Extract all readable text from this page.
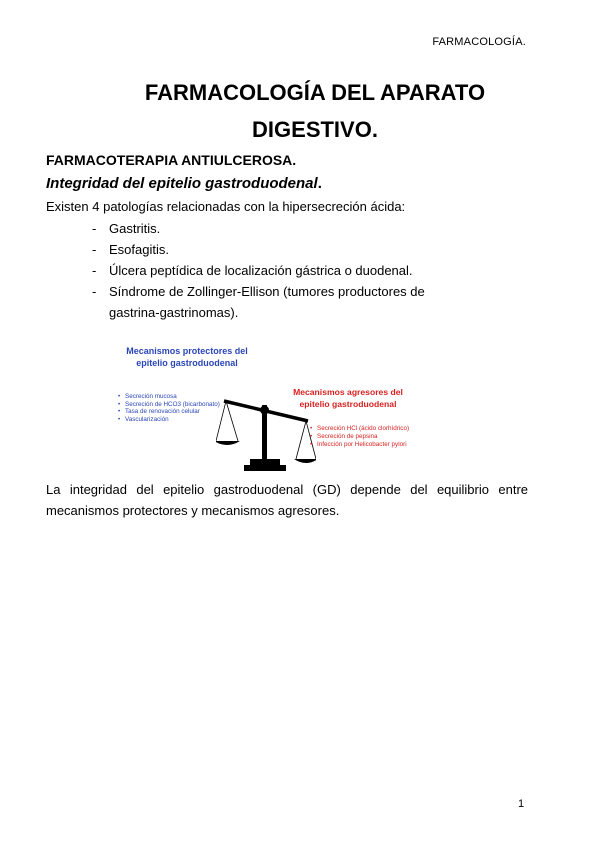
FARMACOLOGÍA.
FARMACOLOGÍA DEL APARATO
DIGESTIVO.
FARMACOTERAPIA ANTIULCEROSA.
Integridad del epitelio gastroduodenal.
Existen 4 patologías relacionadas con la hipersecreción ácida:
- Gastritis.
- Esofagitis.
- Úlcera peptídica de localización gástrica o duodenal.
- Síndrome de Zollinger-Ellison (tumores productores de gastrina-gastrinomas).
Mecanismos protectores del epitelio gastroduodenal
• Secreción mucosa
• Secreción de HCO3 (bicarbonato)
• Tasa de renovación celular
• Vascularización
Mecanismos agresores del epitelio gastroduodenal
• Secreción HCl (ácido clorhídrico)
• Secreción de pepsina
• Infección por Helicobacter pylori
La integridad del epitelio gastroduodenal (GD) depende del equilibrio entre mecanismos protectores y mecanismos agresores.
1
